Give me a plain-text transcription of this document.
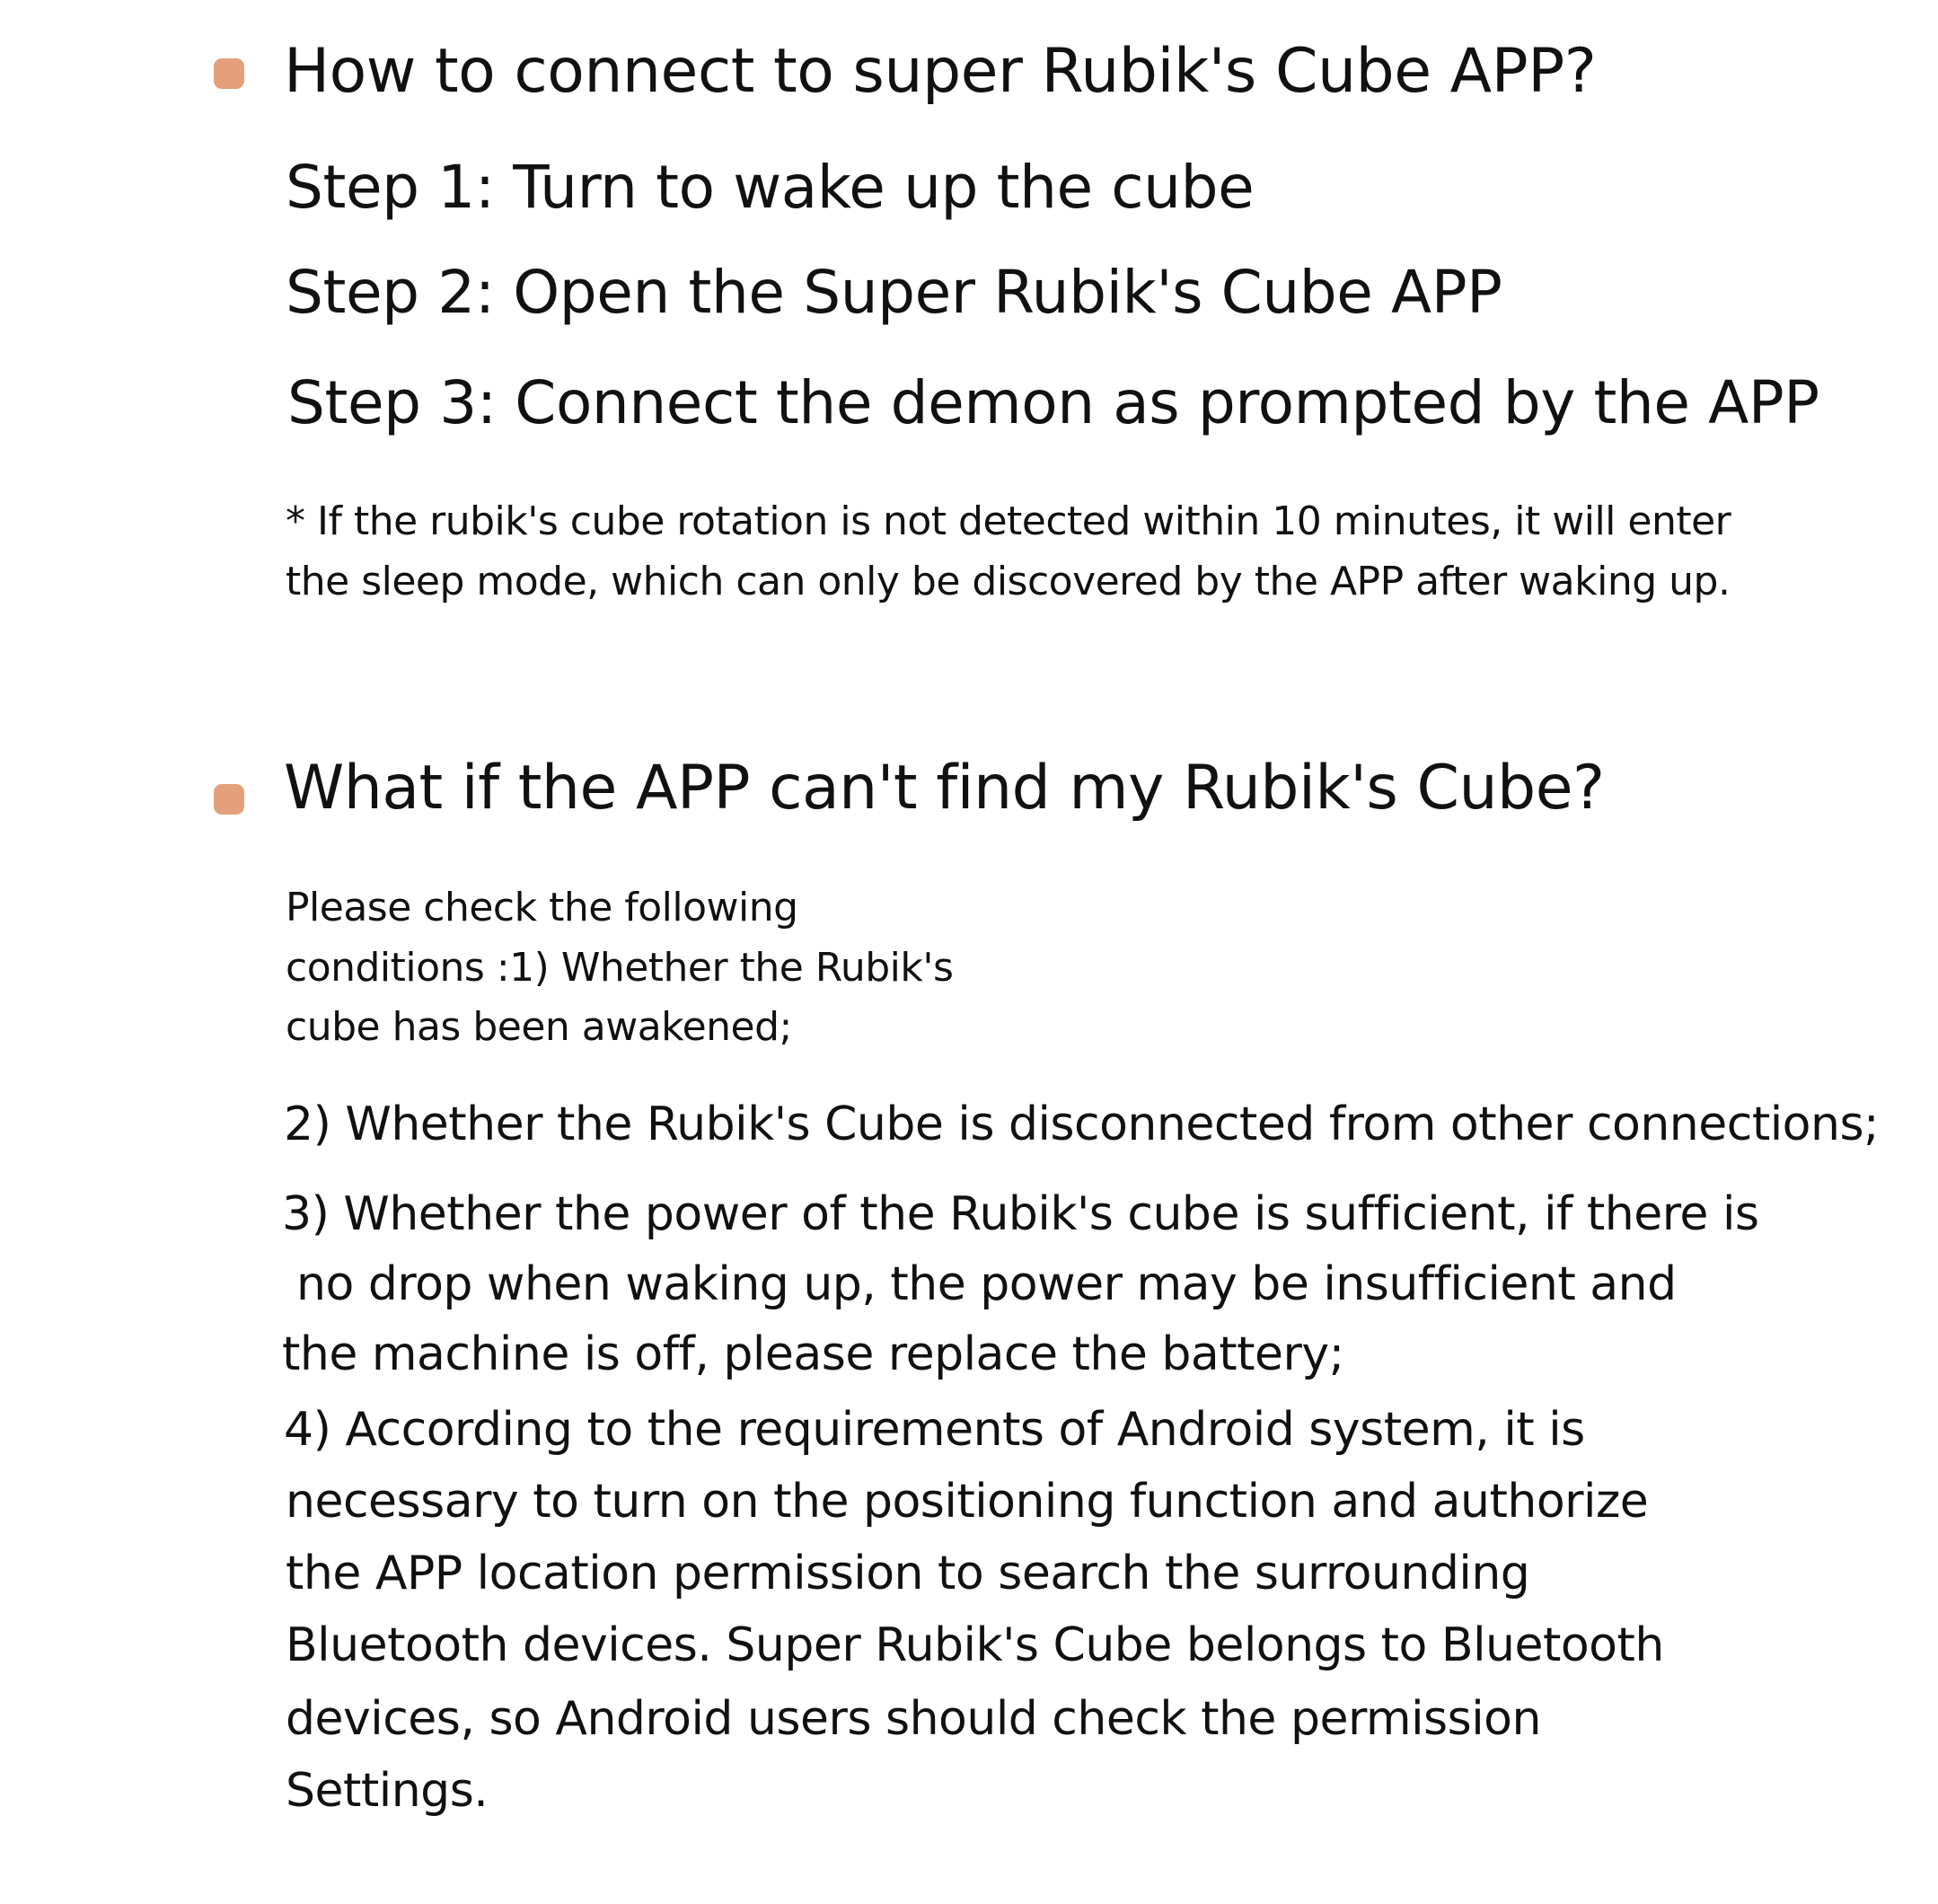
How to connect to super Rubik's Cube APP?

Step 1: Turn to wake up the cube

Step 2: Open the Super Rubik's Cube APP

Step 3: Connect the demon as prompted by the APP

* If the rubik's cube rotation is not detected within 10 minutes, it will enter

the sleep mode, which can only be discovered by the APP after waking up.

What if the APP can't find my Rubik's Cube?

Please check the following

conditions :1) Whether the Rubik's

cube has been awakened;

2) Whether the Rubik's Cube is disconnected from other connections;

3) Whether the power of the Rubik's cube is sufficient, if there is

no drop when waking up, the power may be insufficient and

the machine is off, please replace the battery;

4) According to the requirements of Android system, it is

necessary to turn on the positioning function and authorize

the APP location permission to search the surrounding

Bluetooth devices. Super Rubik's Cube belongs to Bluetooth

devices, so Android users should check the permission

Settings.
